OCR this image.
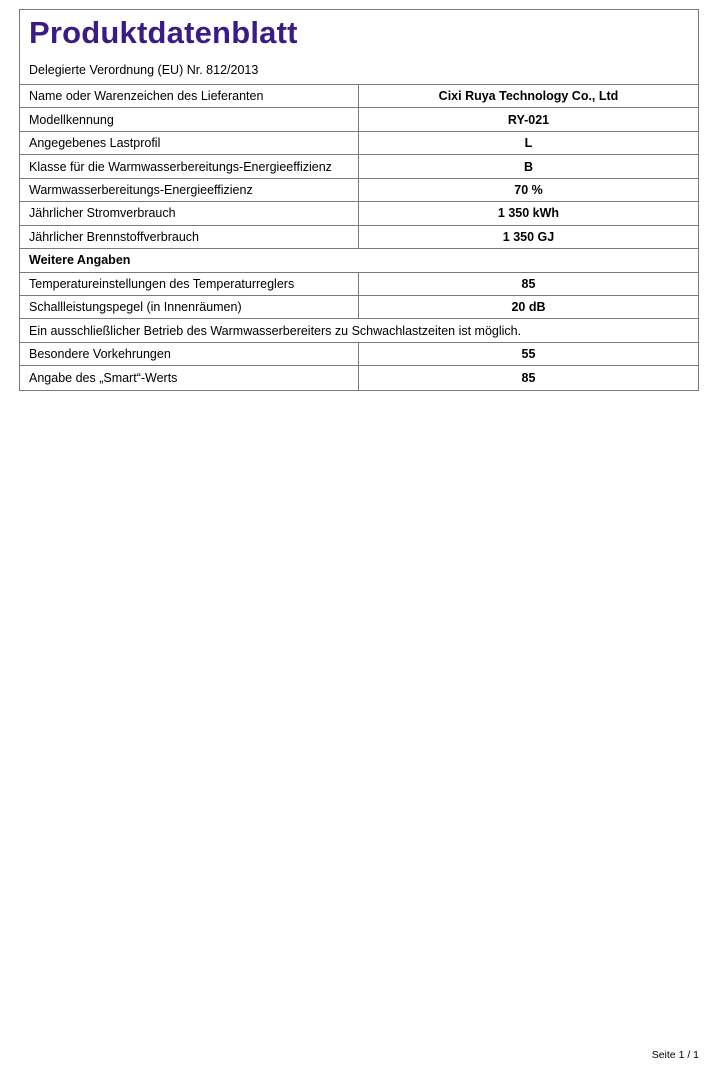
Produktdatenblatt
Delegierte Verordnung (EU) Nr. 812/2013
Name oder Warenzeichen des Lieferanten	Cixi Ruya Technology Co., Ltd
Modellkennung	RY-021
Angegebenes Lastprofil	L
Klasse für die Warmwasserbereitungs-Energieeffizienz	B
Warmwasserbereitungs-Energieeffizienz	70 %
Jährlicher Stromverbrauch	1 350 kWh
Jährlicher Brennstoffverbrauch	1 350 GJ
Weitere Angaben
Temperatureinstellungen des Temperaturreglers	85
Schallleistungspegel (in Innenräumen)	20 dB
Ein ausschließlicher Betrieb des Warmwasserbereiters zu Schwachlastzeiten ist möglich.
Besondere Vorkehrungen	55
Angabe des „Smart“-Werts	85
Seite 1 / 1
